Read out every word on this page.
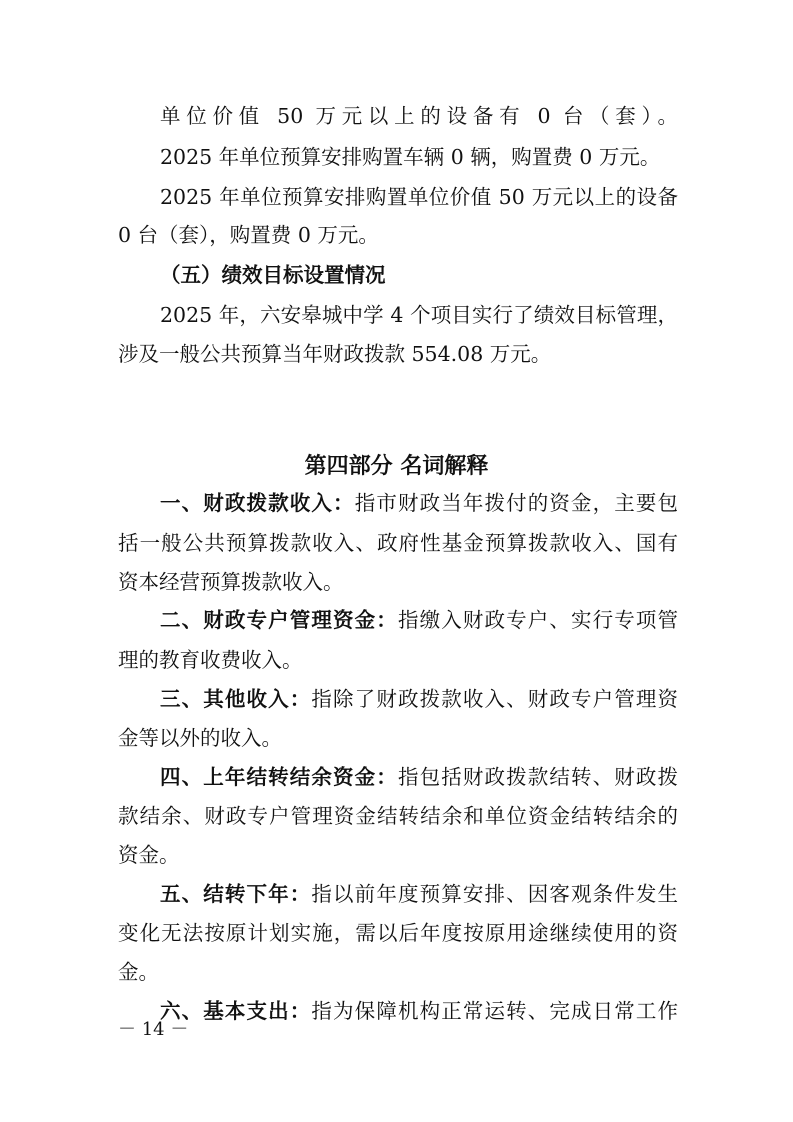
单位价值 50 万元以上的设备有 0 台（套）。
2025 年单位预算安排购置车辆 0 辆，购置费 0 万元。
2025 年单位预算安排购置单位价值 50 万元以上的设备
0 台（套），购置费 0 万元。
（五）绩效目标设置情况
2025 年，六安皋城中学 4 个项目实行了绩效目标管理，
涉及一般公共预算当年财政拨款 554.08 万元。
第四部分 名词解释
一、财政拨款收入：指市财政当年拨付的资金，主要包
括一般公共预算拨款收入、政府性基金预算拨款收入、国有
资本经营预算拨款收入。
二、财政专户管理资金：指缴入财政专户、实行专项管
理的教育收费收入。
三、其他收入：指除了财政拨款收入、财政专户管理资
金等以外的收入。
四、上年结转结余资金：指包括财政拨款结转、财政拨
款结余、财政专户管理资金结转结余和单位资金结转结余的
资金。
五、结转下年：指以前年度预算安排、因客观条件发生
变化无法按原计划实施，需以后年度按原用途继续使用的资
金。
六、基本支出：指为保障机构正常运转、完成日常工作
－ 14 －
